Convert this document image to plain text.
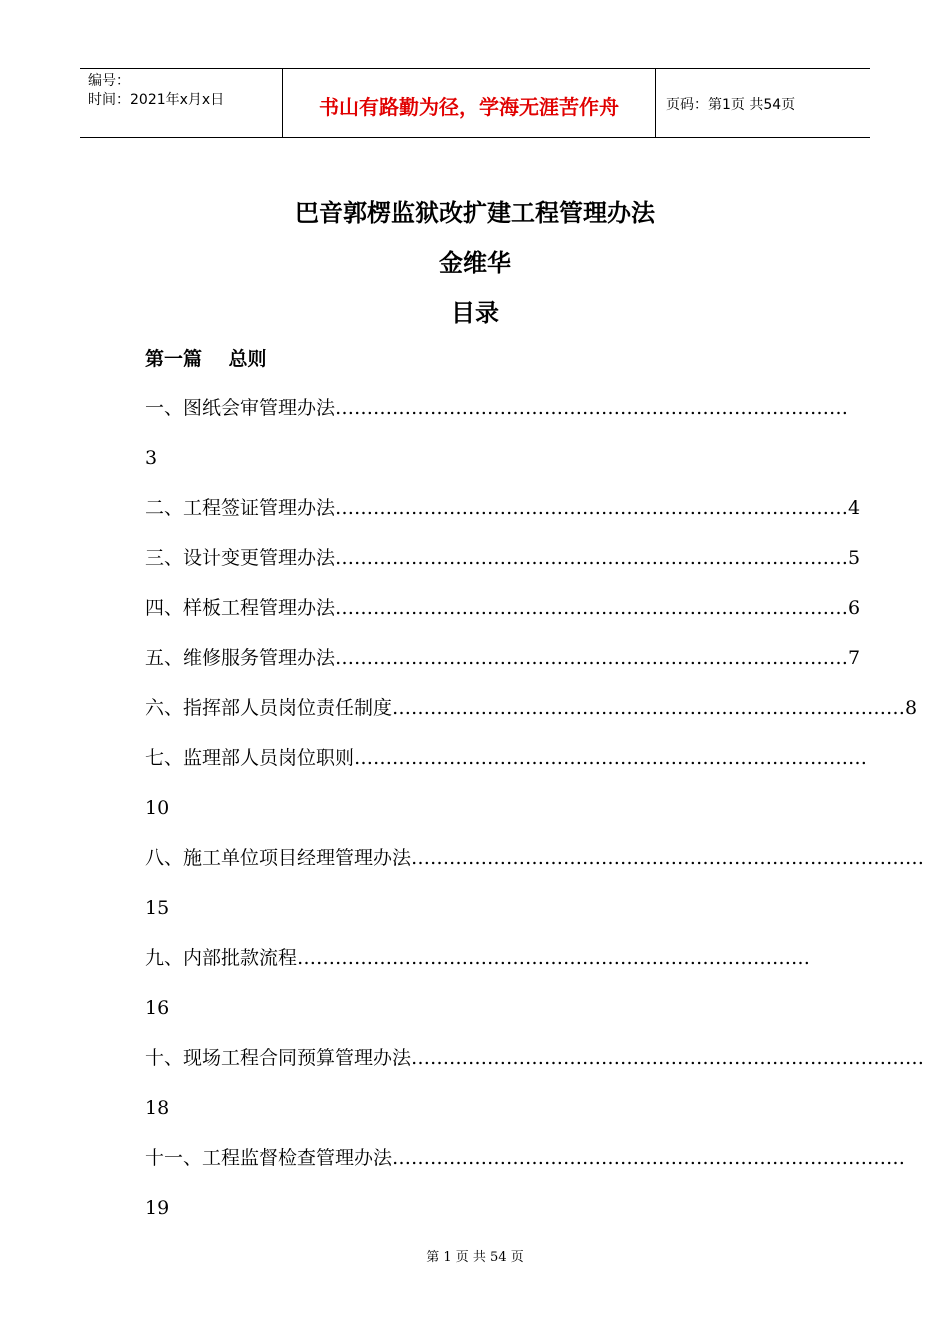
编号：
时间：2021年x月x日	书山有路勤为径，学海无涯苦作舟	页码：第1页 共54页
巴音郭楞监狱改扩建工程管理办法
金维华
目录
第一篇    总则
一、图纸会审管理办法 ………………………………………………………………………
3
二、工程签证管理办法 ……………………………………………………………………… 4
三、设计变更管理办法 ……………………………………………………………………… 5
四、样板工程管理办法 ……………………………………………………………………… 6
五、维修服务管理办法 ……………………………………………………………………… 7
六、指挥部人员岗位责任制度 ……………………………………………………………………… 8
七、监理部人员岗位职则 ………………………………………………………………………
10
八、施工单位项目经理管理办法 ………………………………………………………………………
15
九、内部批款流程 ………………………………………………………………………
16
十、现场工程合同预算管理办法 ………………………………………………………………………
18
十一、工程监督检查管理办法 ………………………………………………………………………
19
第 1 页 共 54 页
